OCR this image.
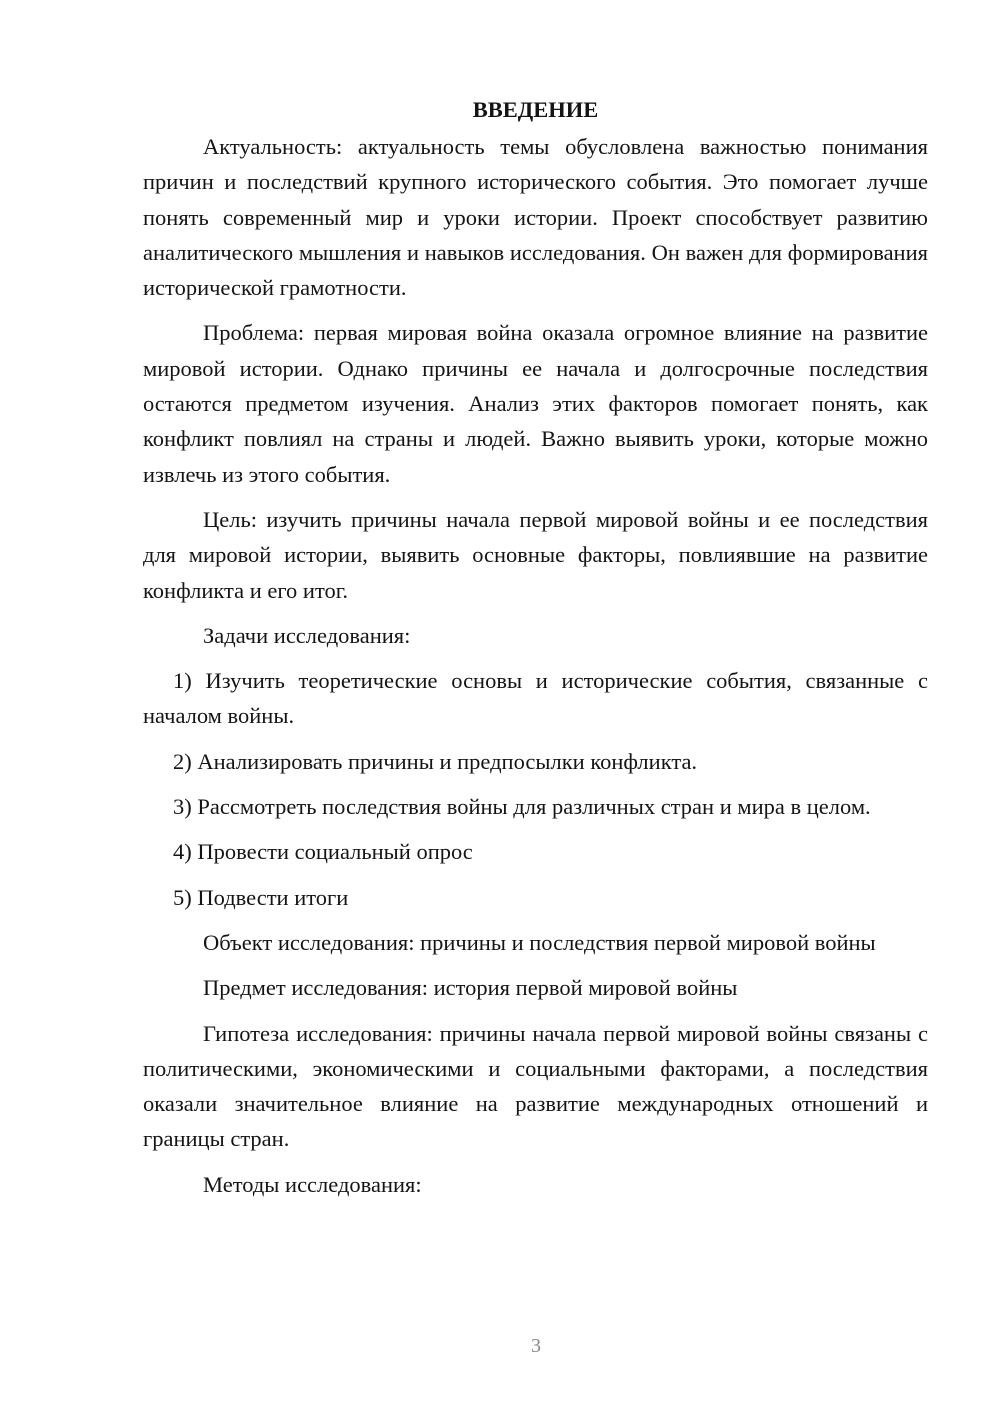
ВВЕДЕНИЕ

Актуальность: актуальность темы обусловлена важностью понимания причин и последствий крупного исторического события. Это помогает лучше понять современный мир и уроки истории. Проект способствует развитию аналитического мышления и навыков исследования. Он важен для формирования исторической грамотности.

Проблема: первая мировая война оказала огромное влияние на развитие мировой истории. Однако причины ее начала и долгосрочные последствия остаются предметом изучения. Анализ этих факторов помогает понять, как конфликт повлиял на страны и людей. Важно выявить уроки, которые можно извлечь из этого события.

Цель: изучить причины начала первой мировой войны и ее последствия для мировой истории, выявить основные факторы, повлиявшие на развитие конфликта и его итог.

Задачи исследования:

1) Изучить теоретические основы и исторические события, связанные с началом войны.

2) Анализировать причины и предпосылки конфликта.

3) Рассмотреть последствия войны для различных стран и мира в целом.

4) Провести социальный опрос

5) Подвести итоги

Объект исследования: причины и последствия первой мировой войны

Предмет исследования: история первой мировой войны

Гипотеза исследования: причины начала первой мировой войны связаны с политическими, экономическими и социальными факторами, а последствия оказали значительное влияние на развитие международных отношений и границы стран.

Методы исследования:

3
